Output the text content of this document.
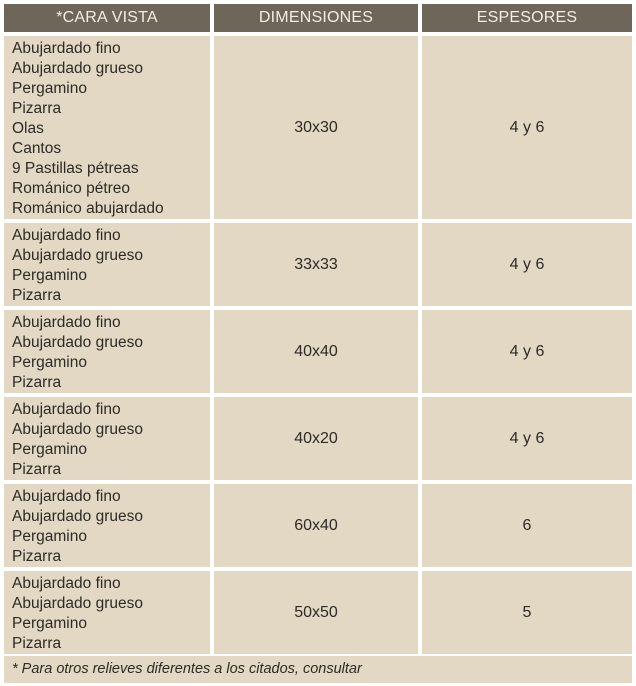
*CARA VISTA	DIMENSIONES	ESPESORES
Abujardado fino
Abujardado grueso
Pergamino
Pizarra
Olas
Cantos
9 Pastillas pétreas
Románico pétreo
Románico abujardado
30x30	4 y 6
Abujardado fino
Abujardado grueso
Pergamino
Pizarra
33x33	4 y 6
Abujardado fino
Abujardado grueso
Pergamino
Pizarra
40x40	4 y 6
Abujardado fino
Abujardado grueso
Pergamino
Pizarra
40x20	4 y 6
Abujardado fino
Abujardado grueso
Pergamino
Pizarra
60x40	6
Abujardado fino
Abujardado grueso
Pergamino
Pizarra
50x50	5
* Para otros relieves diferentes a los citados, consultar
